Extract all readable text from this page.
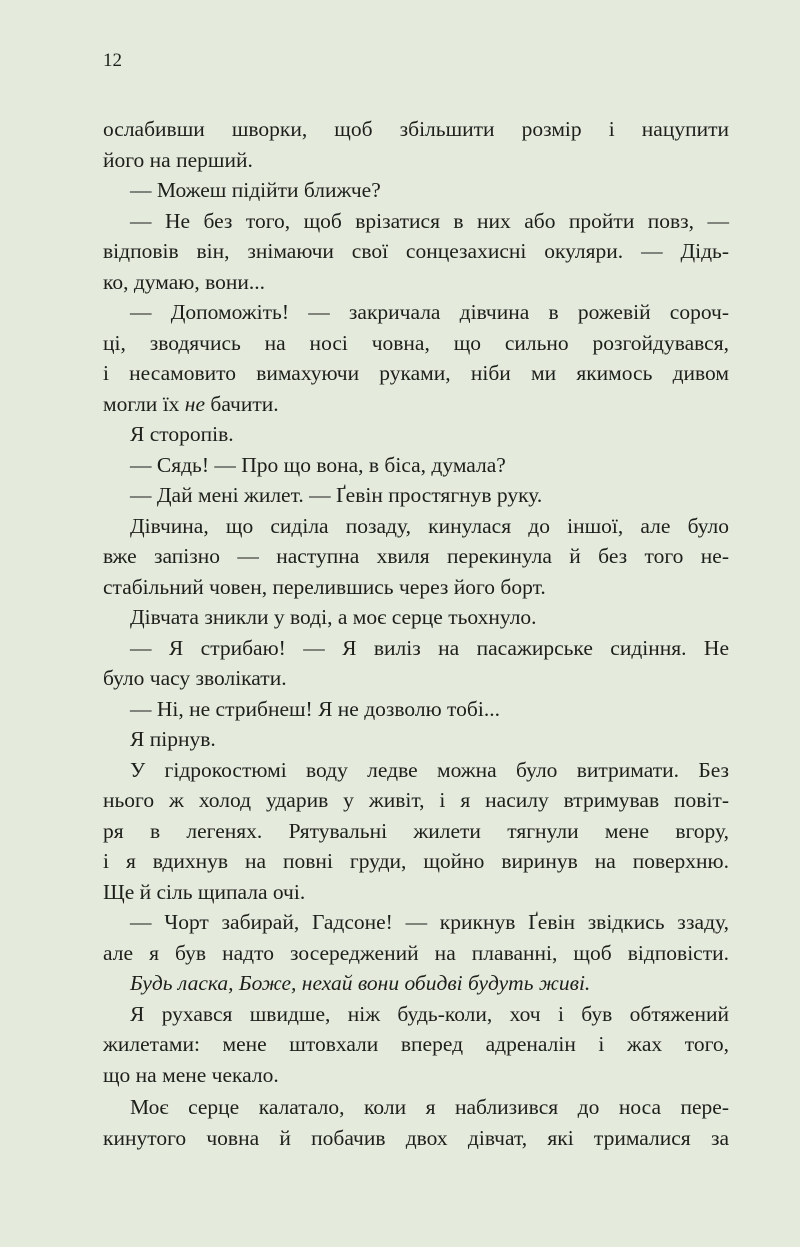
12
ослабивши шворки, щоб збільшити розмір і нацупити
його на перший.
— Можеш підійти ближче?
— Не без того, щоб врізатися в них або пройти повз, —
відповів він, знімаючи свої сонцезахисні окуляри. — Дідь-
ко, думаю, вони...
— Допоможіть! — закричала дівчина в рожевій сороч-
ці, зводячись на носі човна, що сильно розгойдувався,
і несамовито вимахуючи руками, ніби ми якимось дивом
могли їх не бачити.
Я сторопів.
— Сядь! — Про що вона, в біса, думала?
— Дай мені жилет. — Ґевін простягнув руку.
Дівчина, що сиділа позаду, кинулася до іншої, але було
вже запізно — наступна хвиля перекинула й без того не-
стабільний човен, перелившись через його борт.
Дівчата зникли у воді, а моє серце тьохнуло.
— Я стрибаю! — Я виліз на пасажирське сидіння. Не
було часу зволікати.
— Ні, не стрибнеш! Я не дозволю тобі...
Я пірнув.
У гідрокостюмі воду ледве можна було витримати. Без
нього ж холод ударив у живіт, і я насилу втримував повіт-
ря в легенях. Рятувальні жилети тягнули мене вгору,
і я вдихнув на повні груди, щойно виринув на поверхню.
Ще й сіль щипала очі.
— Чорт забирай, Гадсоне! — крикнув Ґевін звідкись ззаду,
але я був надто зосереджений на плаванні, щоб відповісти.
Будь ласка, Боже, нехай вони обидві будуть живі.
Я рухався швидше, ніж будь-коли, хоч і був обтяжений
жилетами: мене штовхали вперед адреналін і жах того,
що на мене чекало.
Моє серце калатало, коли я наблизився до носа пере-
кинутого човна й побачив двох дівчат, які трималися за
